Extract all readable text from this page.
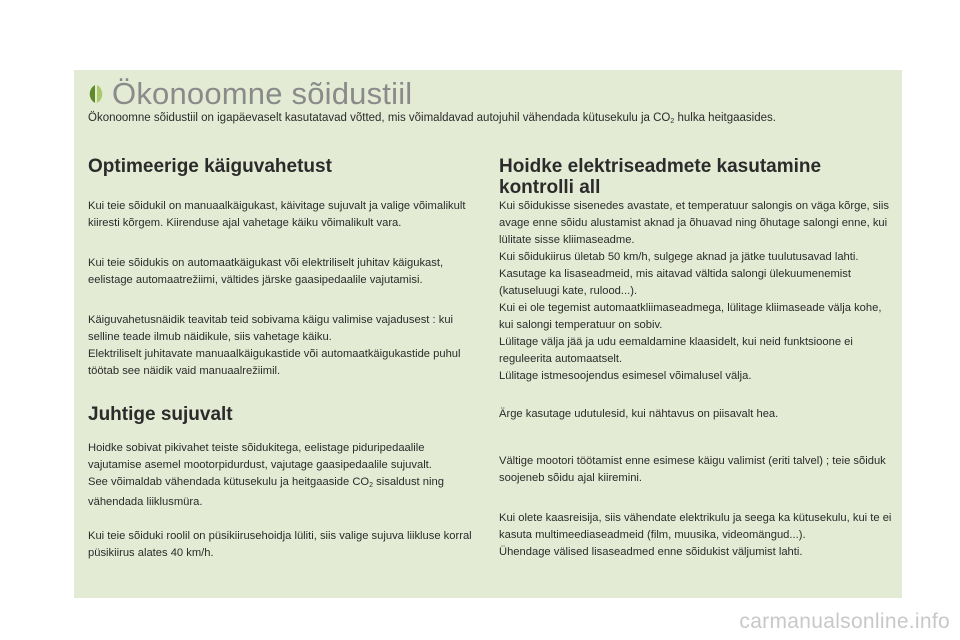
Ökonoomne sõidustiil
Ökonoomne sõidustiil on igapäevaselt kasutatavad võtted, mis võimaldavad autojuhil vähendada kütusekulu ja $CO_2$ hulka heitgaasides.
Optimeerige käiguvahetust

Kui teie sõidukil on manuaalkäigukast, käivitage sujuvalt ja valige võimalikult kiiresti kõrgem. Kiirenduse ajal vahetage käiku võimalikult vara.

Kui teie sõidukis on automaatkäigukast või elektriliselt juhitav käigukast, eelistage automaatrežiimi, vältides järske gaasipedaalile vajutamisi.

Käiguvahetusnäidik teavitab teid sobivama käigu valimise vajadusest : kui selline teade ilmub näidikule, siis vahetage käiku.

Elektriliselt juhitavate manuaalkäigukastide või automaatkäigukastide puhul töötab see näidik vaid manuaalrežiimil.

Juhtige sujuvalt

Hoidke sobivat pikivahet teiste sõidukitega, eelistage piduripedaalile vajutamise asemel mootorpidurdust, vajutage gaasipedaalile sujuvalt.

See võimaldab vähendada kütusekulu ja heitgaaside $CO_2$ sisaldust ning vähendada liiklusmüra.

Kui teie sõiduki roolil on püsikiirusehoidja lüliti, siis valige sujuva liikluse korral püsikiirus alates 40 km/h.

Hoidke elektriseadmete kasutamine kontrolli all

Kui sõidukisse sisenedes avastate, et temperatuur salongis on väga kõrge, siis avage enne sõidu alustamist aknad ja õhuavad ning õhutage salongi enne, kui lülitate sisse kliimaseadme.

Kui sõidukiirus ületab 50 km/h, sulgege aknad ja jätke tuulutusavad lahti.

Kasutage ka lisaseadmeid, mis aitavad vältida salongi ülekuumenemist (katuseluugi kate, rulood...).

Kui ei ole tegemist automaatkliimaseadmega, lülitage kliimaseade välja kohe, kui salongi temperatuur on sobiv.

Lülitage välja jää ja udu eemaldamine klaasidelt, kui neid funktsioone ei reguleerita automaatselt.

Lülitage istmesoojendus esimesel võimalusel välja.

Ärge kasutage udutulesid, kui nähtavus on piisavalt hea.

Vältige mootori töötamist enne esimese käigu valimist (eriti talvel) ; teie sõiduk soojeneb sõidu ajal kiiremini.

Kui olete kaasreisija, siis vähendate elektrikulu ja seega ka kütusekulu, kui te ei kasuta multimeediaseadmeid (film, muusika, videomängud...).

Ühendage välised lisaseadmed enne sõidukist väljumist lahti.

carmanualsonline.info
